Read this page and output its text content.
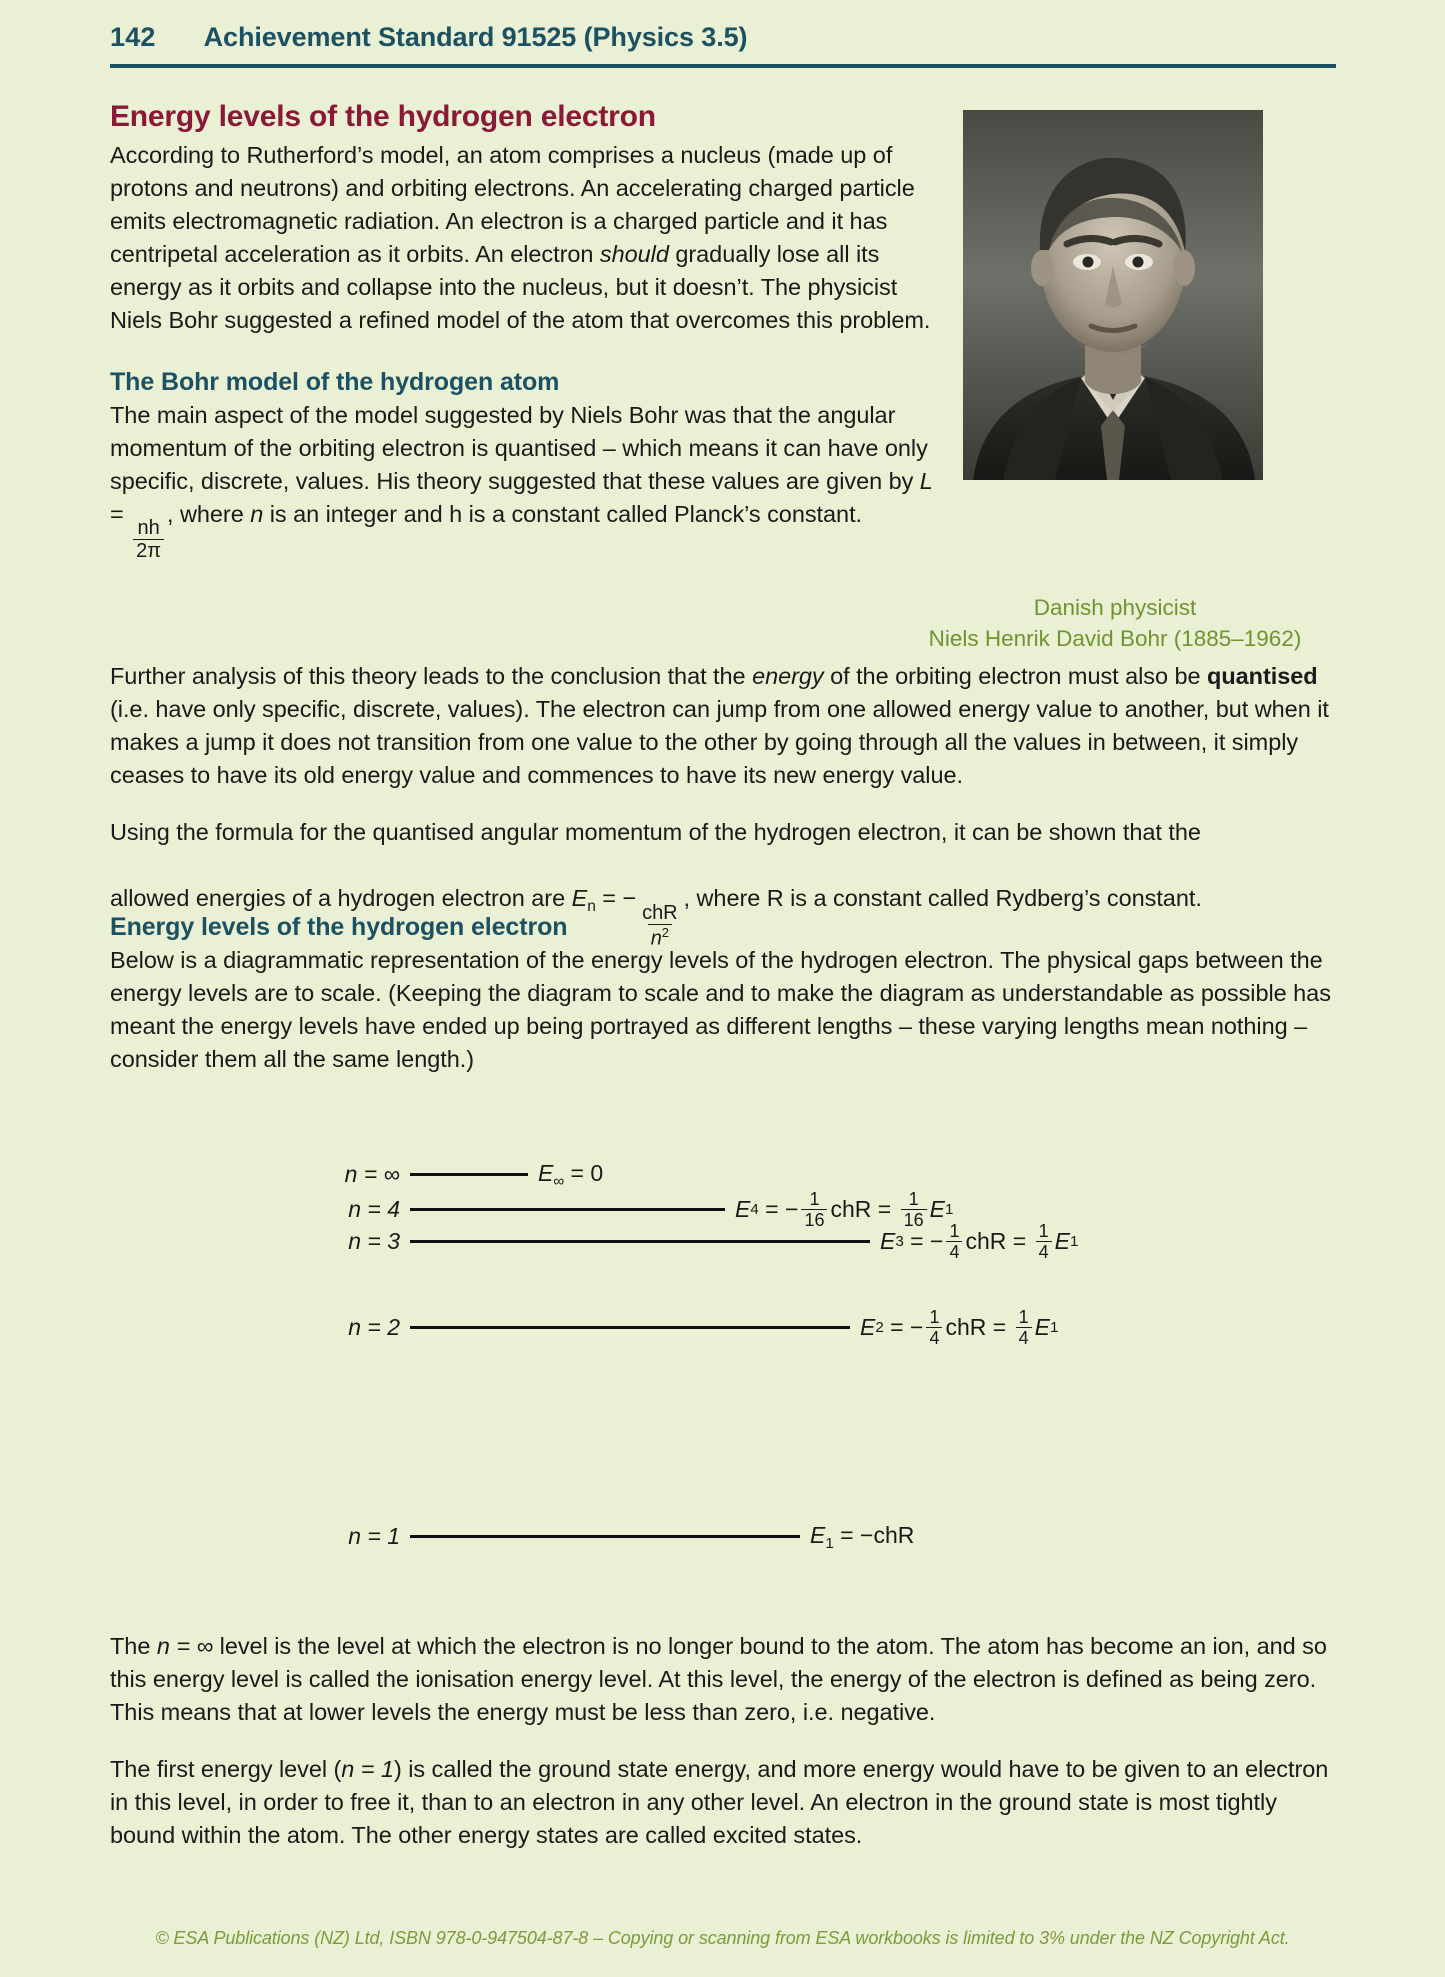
142 Achievement Standard 91525 (Physics 3.5)
Danish physicist
Niels Henrik David Bohr (1885–1962)
Energy levels of the hydrogen electron

According to Rutherford’s model, an atom comprises a nucleus (made up of protons and neutrons) and orbiting electrons. An accelerating charged particle emits electromagnetic radiation. An electron is a charged particle and it has centripetal acceleration as it orbits. An electron should gradually lose all its energy as it orbits and collapse into the nucleus, but it doesn’t. The physicist Niels Bohr suggested a refined model of the atom that overcomes this problem.

The Bohr model of the hydrogen atom

The main aspect of the model suggested by Niels Bohr was that the angular momentum of the orbiting electron is quantised – which means it can have only specific, discrete, values. His theory suggested that these values are given by L =
$\frac{nh}{2\pi}$
, where n is an integer and h is a constant called Planck’s constant.

Further analysis of this theory leads to the conclusion that the energy of the orbiting electron must also be quantised (i.e. have only specific, discrete, values). The electron can jump from one allowed energy value to another, but when it makes a jump it does not transition from one value to the other by going through all the values in between, it simply ceases to have its old energy value and commences to have its new energy value.

Using the formula for the quantised angular momentum of the hydrogen electron, it can be shown that the

allowed energies of a hydrogen electron are $E_n$ = −
$\frac{\text{chR}}{n^2}$
, where R is a constant called Rydberg’s constant.

Energy levels of the hydrogen electron

Below is a diagrammatic representation of the energy levels of the hydrogen electron. The physical gaps between the energy levels are to scale. (Keeping the diagram to scale and to make the diagram as understandable as possible has meant the energy levels have ended up being portrayed as different lengths – these varying lengths mean nothing – consider them all the same length.)

n = ∞	$E_\infty = 0$
n = 4	E 4 = − $\frac{1}{16}$ chR = $\frac{1}{16}$ E 1
n = 3	E 3 = − $\frac{1}{4}$ chR = $\frac{1}{4}$ E 1
n = 2	E 2 = − $\frac{1}{4}$ chR = $\frac{1}{4}$ E 1
n = 1	$E_1 = -chR$

The n = ∞ level is the level at which the electron is no longer bound to the atom. The atom has become an ion, and so this energy level is called the ionisation energy level. At this level, the energy of the electron is defined as being zero. This means that at lower levels the energy must be less than zero, i.e. negative.

The first energy level (n = 1) is called the ground state energy, and more energy would have to be given to an electron in this level, in order to free it, than to an electron in any other level. An electron in the ground state is most tightly bound within the atom. The other energy states are called excited states.

© ESA Publications (NZ) Ltd, ISBN 978-0-947504-87-8 – Copying or scanning from ESA workbooks is limited to 3% under the NZ Copyright Act.
